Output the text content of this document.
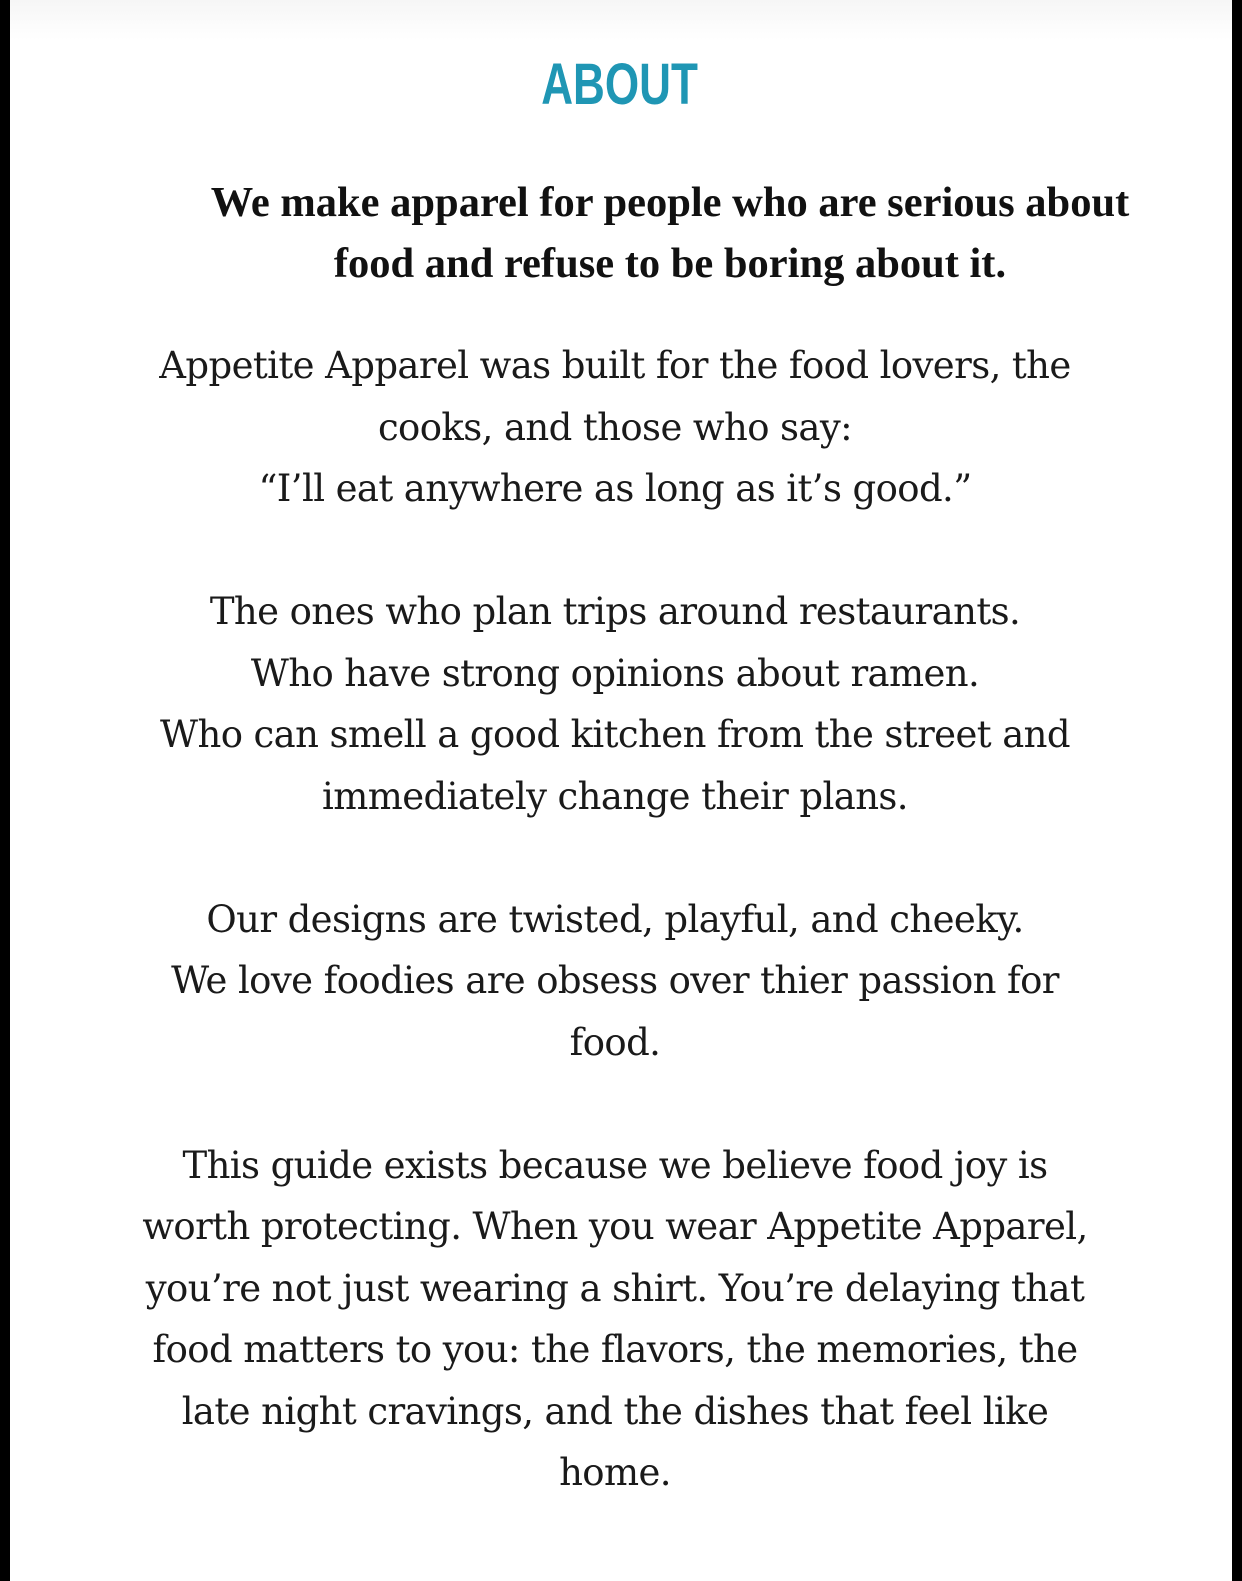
ABOUT

We make apparel for people who are serious about
food and refuse to be boring about it.

Appetite Apparel was built for the food lovers, the
cooks, and those who say:
“I’ll eat anywhere as long as it’s good.”

The ones who plan trips around restaurants.
Who have strong opinions about ramen.
Who can smell a good kitchen from the street and
immediately change their plans.

Our designs are twisted, playful, and cheeky.
We love foodies are obsess over thier passion for
food.

This guide exists because we believe food joy is
worth protecting. When you wear Appetite Apparel,
you’re not just wearing a shirt. You’re delaying that
food matters to you: the flavors, the memories, the
late night cravings, and the dishes that feel like
home.
